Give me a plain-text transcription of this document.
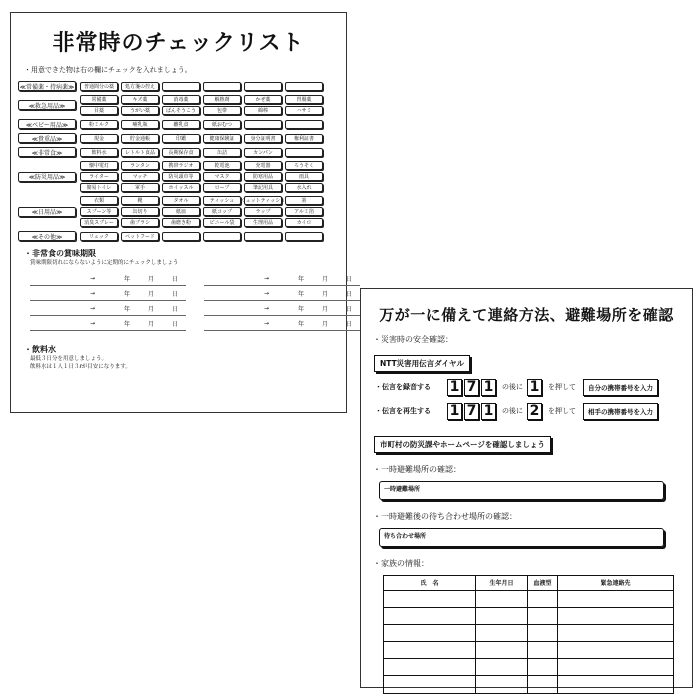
非常時のチェックリスト
・用意できた物は右の欄にチェックを入れましょう。
≪常備薬・持病薬≫	普通間分の薬	処方箋の控え
≪救急用品≫
常備薬	キズ薬	消毒薬	解熱剤	かぜ薬	胃腸薬
目薬	うがい薬	ばんそうこう	包帯	綿棒	ハサミ
≪ベビー用品≫	粉ミルク	哺乳瓶	離乳食	紙おむつ
≪貴重品≫	現金	貯金通帳	印鑑	健康保険証	身分証明書	権利証書
≪非常食≫	飲料水	レトルト食品	長期保存食	缶詰	カンパン
≪防災用品≫
懐中電灯	ランタン	携帯ラジオ	乾電池	充電器	ろうそく
ライター	マッチ	防災頭巾等	マスク	防寒用品	雨具
簡易トイレ	軍手	ホイッスル	ロープ	筆記用具	水入れ
≪日用品≫
衣類	靴	タオル	ティッシュ	ウェットティッシュ	箸
スプーン等	缶切り	紙皿	紙コップ	ラップ	アルミ箔
消臭スプレー	歯ブラシ	歯磨き粉	ビニール袋	生理用品	カイロ
≪その他≫	リュック	ペットフード
・非常食の賞味期限
賞味期限切れにならないように定期的にチェックしましょう
→	年	月	日	→	年	月	日
→	年	月	日	→	年	月	日
→	年	月	日	→	年	月	日
→	年	月	日	→	年	月	日
・飲料水
最低３日分を用意しましょう。
飲料水は１人１日３ℓが目安になります。
万が一に備えて連絡方法、避難場所を確認
・災害時の安全確認：
NTT災害用伝言ダイヤル
・伝言を録音する	1 7 1	の後に 1	を押して	自分の携帯番号を入力
・伝言を再生する	1 7 1	の後に 2	を押して	相手の携帯番号を入力
市町村の防災課やホームページを確認しましょう
・一時避難場所の確認：
一時避難場所
・一時避難後の待ち合わせ場所の確認：
待ち合わせ場所
・家族の情報：
氏　名	生年月日	血液型	緊急連絡先
